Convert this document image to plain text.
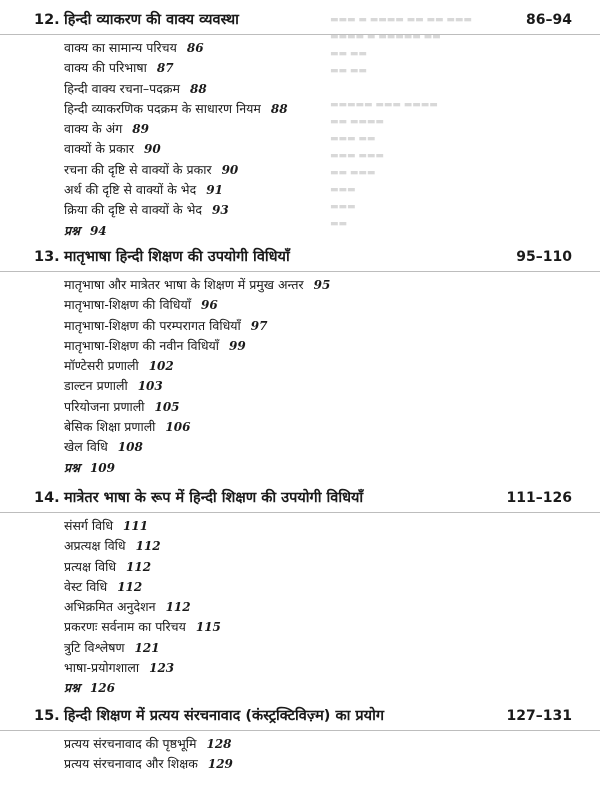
▬▬▬ ▬ ▬▬▬▬ ▬▬ ▬▬ ▬▬▬
▬▬▬▬ ▬ ▬▬▬▬▬ ▬▬
▬▬ ▬▬
▬▬ ▬▬

▬▬▬▬▬ ▬▬▬ ▬▬▬▬
▬▬ ▬▬▬▬
▬▬▬ ▬▬
▬▬▬ ▬▬▬
▬▬ ▬▬▬
▬▬▬
▬▬▬
▬▬
12. हिन्दी व्याकरण की वाक्य व्यवस्था	86–94
वाक्य का सामान्य परिचय 86
वाक्य की परिभाषा 87
हिन्दी वाक्य रचना–पदक्रम 88
हिन्दी व्याकरणिक पदक्रम के साधारण नियम 88
वाक्य के अंग 89
वाक्यों के प्रकार 90
रचना की दृष्टि से वाक्यों के प्रकार 90
अर्थ की दृष्टि से वाक्यों के भेद 91
क्रिया की दृष्टि से वाक्यों के भेद 93
प्रश्न 94
13. मातृभाषा हिन्दी शिक्षण की उपयोगी विधियाँ	95–110
मातृभाषा और मात्रेतर भाषा के शिक्षण में प्रमुख अन्तर 95
मातृभाषा-शिक्षण की विधियाँ 96
मातृभाषा-शिक्षण की परम्परागत विधियाँ 97
मातृभाषा-शिक्षण की नवीन विधियाँ 99
मॉण्टेसरी प्रणाली 102
डाल्टन प्रणाली 103
परियोजना प्रणाली 105
बेसिक शिक्षा प्रणाली 106
खेल विधि 108
प्रश्न 109
14. मात्रेतर भाषा के रूप में हिन्दी शिक्षण की उपयोगी विधियाँ	111–126
संसर्ग विधि 111
अप्रत्यक्ष विधि 112
प्रत्यक्ष विधि 112
वेस्ट विधि 112
अभिक्रमित अनुदेशन 112
प्रकरणः सर्वनाम का परिचय 115
त्रुटि विश्लेषण 121
भाषा-प्रयोगशाला 123
प्रश्न 126
15. हिन्दी शिक्षण में प्रत्यय संरचनावाद (कंस्ट्रक्टिविज़्म) का प्रयोग	127–131
प्रत्यय संरचनावाद की पृष्ठभूमि 128
प्रत्यय संरचनावाद और शिक्षक 129
